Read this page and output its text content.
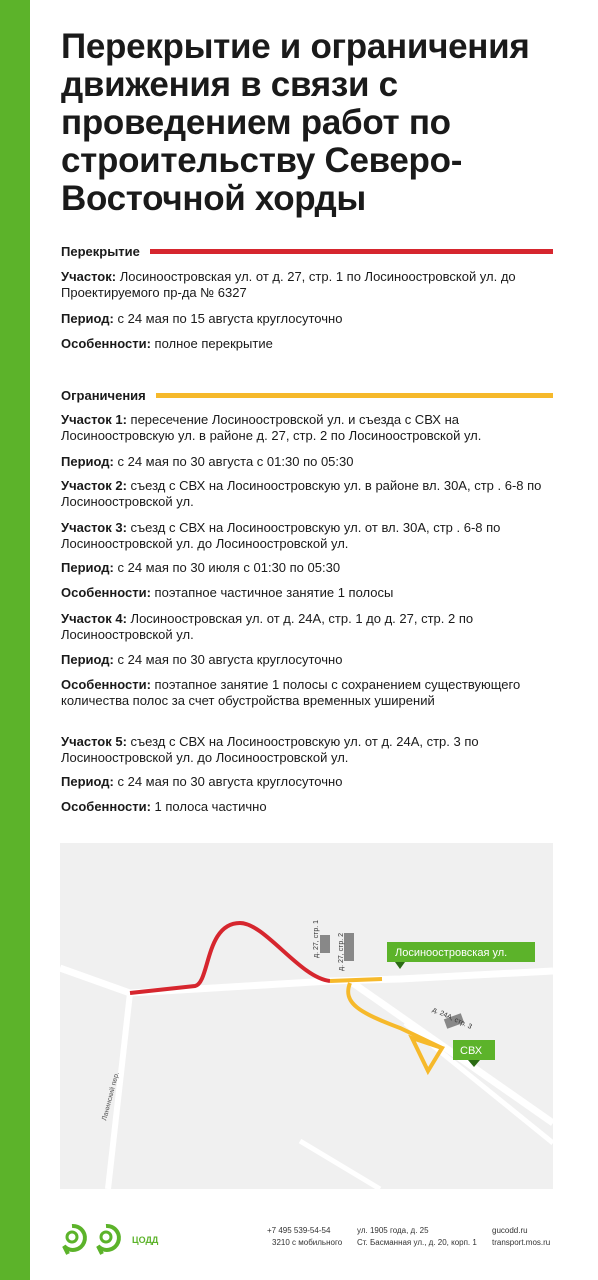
Перекрытие и ограничения движения в связи с проведением работ по строительству Северо-Восточной хорды
Перекрытие
Участок: Лосиноостровская ул. от д. 27, стр. 1 по Лосиноостровской ул. до Проектируемого пр-да № 6327
Период: с 24 мая по 15 августа круглосуточно
Особенности: полное перекрытие
Ограничения
Участок 1: пересечение Лосиноостровской ул. и съезда с СВХ на Лосиноостровскую ул. в районе д. 27, стр. 2 по Лосиноостровской ул.
Период: с 24 мая по 30 августа с 01:30 по 05:30
Участок 2: съезд с СВХ на Лосиноостровскую ул. в районе вл. 30А, стр . 6-8 по Лосиноостровской ул.
Участок 3: съезд с СВХ на Лосиноостровскую ул. от вл. 30А, стр . 6-8 по Лосиноостровской ул. до Лосиноостровской ул.
Период: с 24 мая по 30 июля с 01:30 по 05:30
Особенности: поэтапное частичное занятие 1 полосы
Участок 4: Лосиноостровская ул. от д. 24А, стр. 1 до д. 27, стр. 2 по Лосиноостровской ул.
Период: с 24 мая по 30 августа круглосуточно
Особенности: поэтапное занятие 1 полосы с сохранением существующего количества полос за счет обустройства временных уширений
Участок 5: съезд с СВХ на Лосиноостровскую ул. от д. 24А, стр. 3 по Лосиноостровской ул. до Лосиноостровской ул.
Период: с 24 мая по 30 августа круглосуточно
Особенности: 1 полоса частично
д. 27, стр. 1	д. 27, стр. 2
д. 24А, стр. 3
Лосиноостровская ул.
СВХ
Ланинский пер.
ЦОДД
+7 495 539-54-54
3210 с мобильного
ул. 1905 года, д. 25
Ст. Басманная ул., д. 20, корп. 1
gucodd.ru
transport.mos.ru
